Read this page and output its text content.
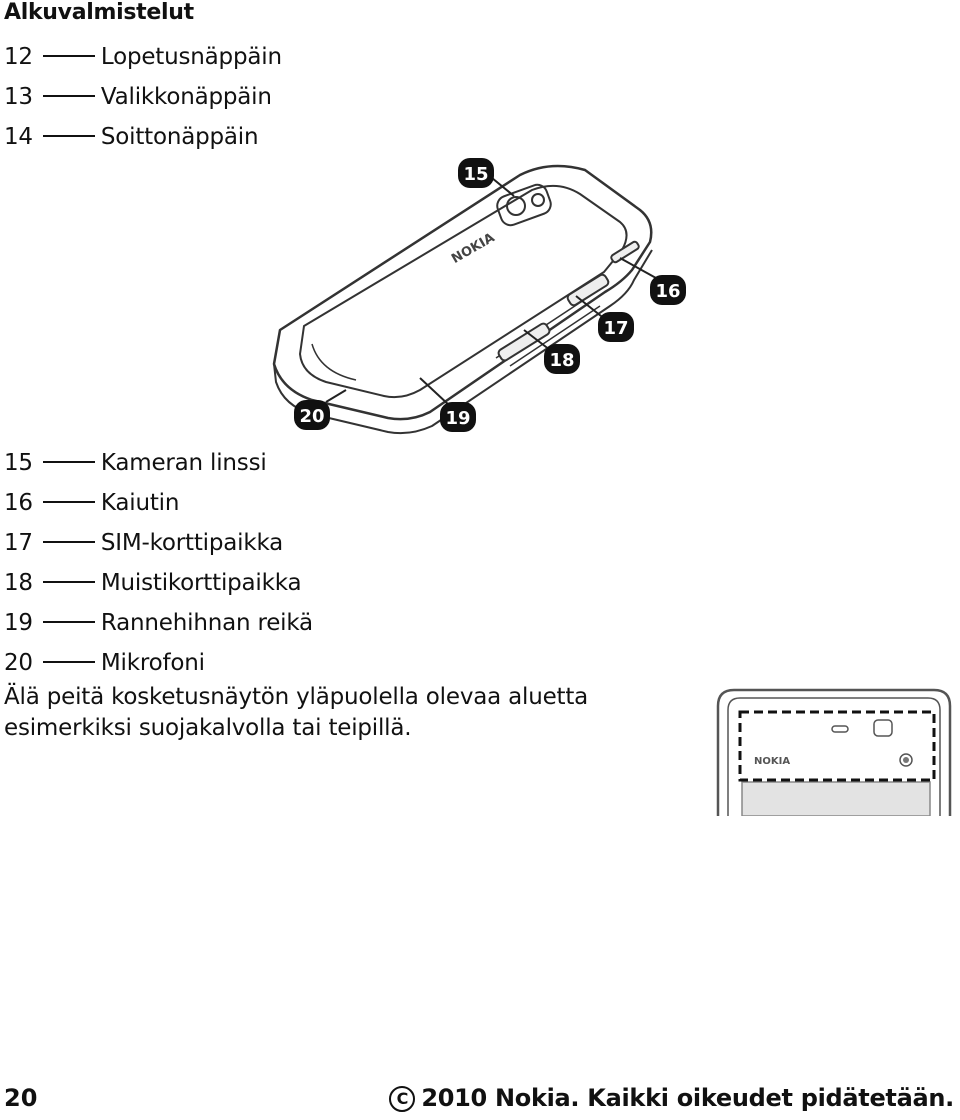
Alkuvalmistelut
12	Lopetusnäppäin
13	Valikkonäppäin
14	Soittonäppäin
NOKIA
15
16
17
18
19
20
15	Kameran linssi
16	Kaiutin
17	SIM-korttipaikka
18	Muistikorttipaikka
19	Rannehihnan reikä
20	Mikrofoni
Älä peitä kosketusnäytön yläpuolella olevaa aluetta
esimerkiksi suojakalvolla tai teipillä.
NOKIA
20	C 2010 Nokia. Kaikki oikeudet pidätetään.
